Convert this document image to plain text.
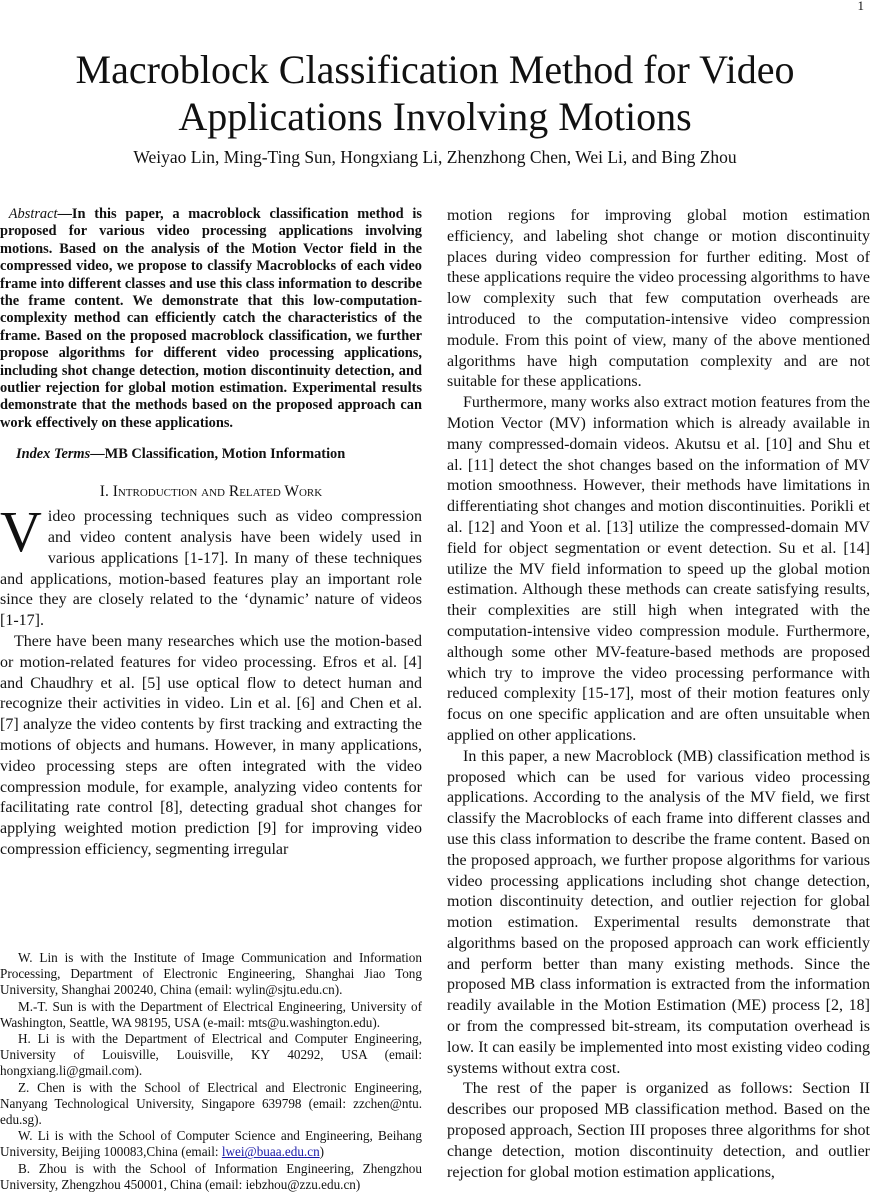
1
Macroblock Classification Method for Video
Applications Involving Motions
Weiyao Lin, Ming-Ting Sun, Hongxiang Li, Zhenzhong Chen, Wei Li, and Bing Zhou

Abstract—In this paper, a macroblock classification method is proposed for various video processing applications involving motions. Based on the analysis of the Motion Vector field in the compressed video, we propose to classify Macroblocks of each video frame into different classes and use this class information to describe the frame content. We demonstrate that this low-computation-complexity method can efficiently catch the characteristics of the frame. Based on the proposed macroblock classification, we further propose algorithms for different video processing applications, including shot change detection, motion discontinuity detection, and outlier rejection for global motion estimation. Experimental results demonstrate that the methods based on the proposed approach can work effectively on these applications.

Index Terms—MB Classification, Motion Information
I. Introduction and Related Work

Video processing techniques such as video compression and video content analysis have been widely used in various applications [1-17]. In many of these techniques and applications, motion-based features play an important role since they are closely related to the ‘dynamic’ nature of videos [1-17].

There have been many researches which use the motion-based or motion-related features for video processing. Efros et al. [4] and Chaudhry et al. [5] use optical flow to detect human and recognize their activities in video. Lin et al. [6] and Chen et al. [7] analyze the video contents by first tracking and extracting the motions of objects and humans. However, in many applications, video processing steps are often integrated with the video compression module, for example, analyzing video contents for facilitating rate control [8], detecting gradual shot changes for applying weighted motion prediction [9] for improving video compression efficiency, segmenting irregular

W. Lin is with the Institute of Image Communication and Information Processing, Department of Electronic Engineering, Shanghai Jiao Tong University, Shanghai 200240, China (email: wylin@sjtu.edu.cn).

M.-T. Sun is with the Department of Electrical Engineering, University of Washington, Seattle, WA 98195, USA (e-mail: mts@u.washington.edu).

H. Li is with the Department of Electrical and Computer Engineering, University of Louisville, Louisville, KY 40292, USA (email: hongxiang.li@gmail.com).

Z. Chen is with the School of Electrical and Electronic Engineering, Nanyang Technological University, Singapore 639798 (email: zzchen@ntu. edu.sg).

W. Li is with the School of Computer Science and Engineering, Beihang University, Beijing 100083,China (email: lwei@buaa.edu.cn)

B. Zhou is with the School of Information Engineering, Zhengzhou University, Zhengzhou 450001, China (email: iebzhou@zzu.edu.cn)

motion regions for improving global motion estimation efficiency, and labeling shot change or motion discontinuity places during video compression for further editing. Most of these applications require the video processing algorithms to have low complexity such that few computation overheads are introduced to the computation-intensive video compression module. From this point of view, many of the above mentioned algorithms have high computation complexity and are not suitable for these applications.

Furthermore, many works also extract motion features from the Motion Vector (MV) information which is already available in many compressed-domain videos. Akutsu et al. [10] and Shu et al. [11] detect the shot changes based on the information of MV motion smoothness. However, their methods have limitations in differentiating shot changes and motion discontinuities. Porikli et al. [12] and Yoon et al. [13] utilize the compressed-domain MV field for object segmentation or event detection. Su et al. [14] utilize the MV field information to speed up the global motion estimation. Although these methods can create satisfying results, their complexities are still high when integrated with the computation-intensive video compression module. Furthermore, although some other MV-feature-based methods are proposed which try to improve the video processing performance with reduced complexity [15-17], most of their motion features only focus on one specific application and are often unsuitable when applied on other applications.

In this paper, a new Macroblock (MB) classification method is proposed which can be used for various video processing applications. According to the analysis of the MV field, we first classify the Macroblocks of each frame into different classes and use this class information to describe the frame content. Based on the proposed approach, we further propose algorithms for various video processing applications including shot change detection, motion discontinuity detection, and outlier rejection for global motion estimation. Experimental results demonstrate that algorithms based on the proposed approach can work efficiently and perform better than many existing methods. Since the proposed MB class information is extracted from the information readily available in the Motion Estimation (ME) process [2, 18] or from the compressed bit-stream, its computation overhead is low. It can easily be implemented into most existing video coding systems without extra cost.

The rest of the paper is organized as follows: Section II describes our proposed MB classification method. Based on the proposed approach, Section III proposes three algorithms for shot change detection, motion discontinuity detection, and outlier rejection for global motion estimation applications,
